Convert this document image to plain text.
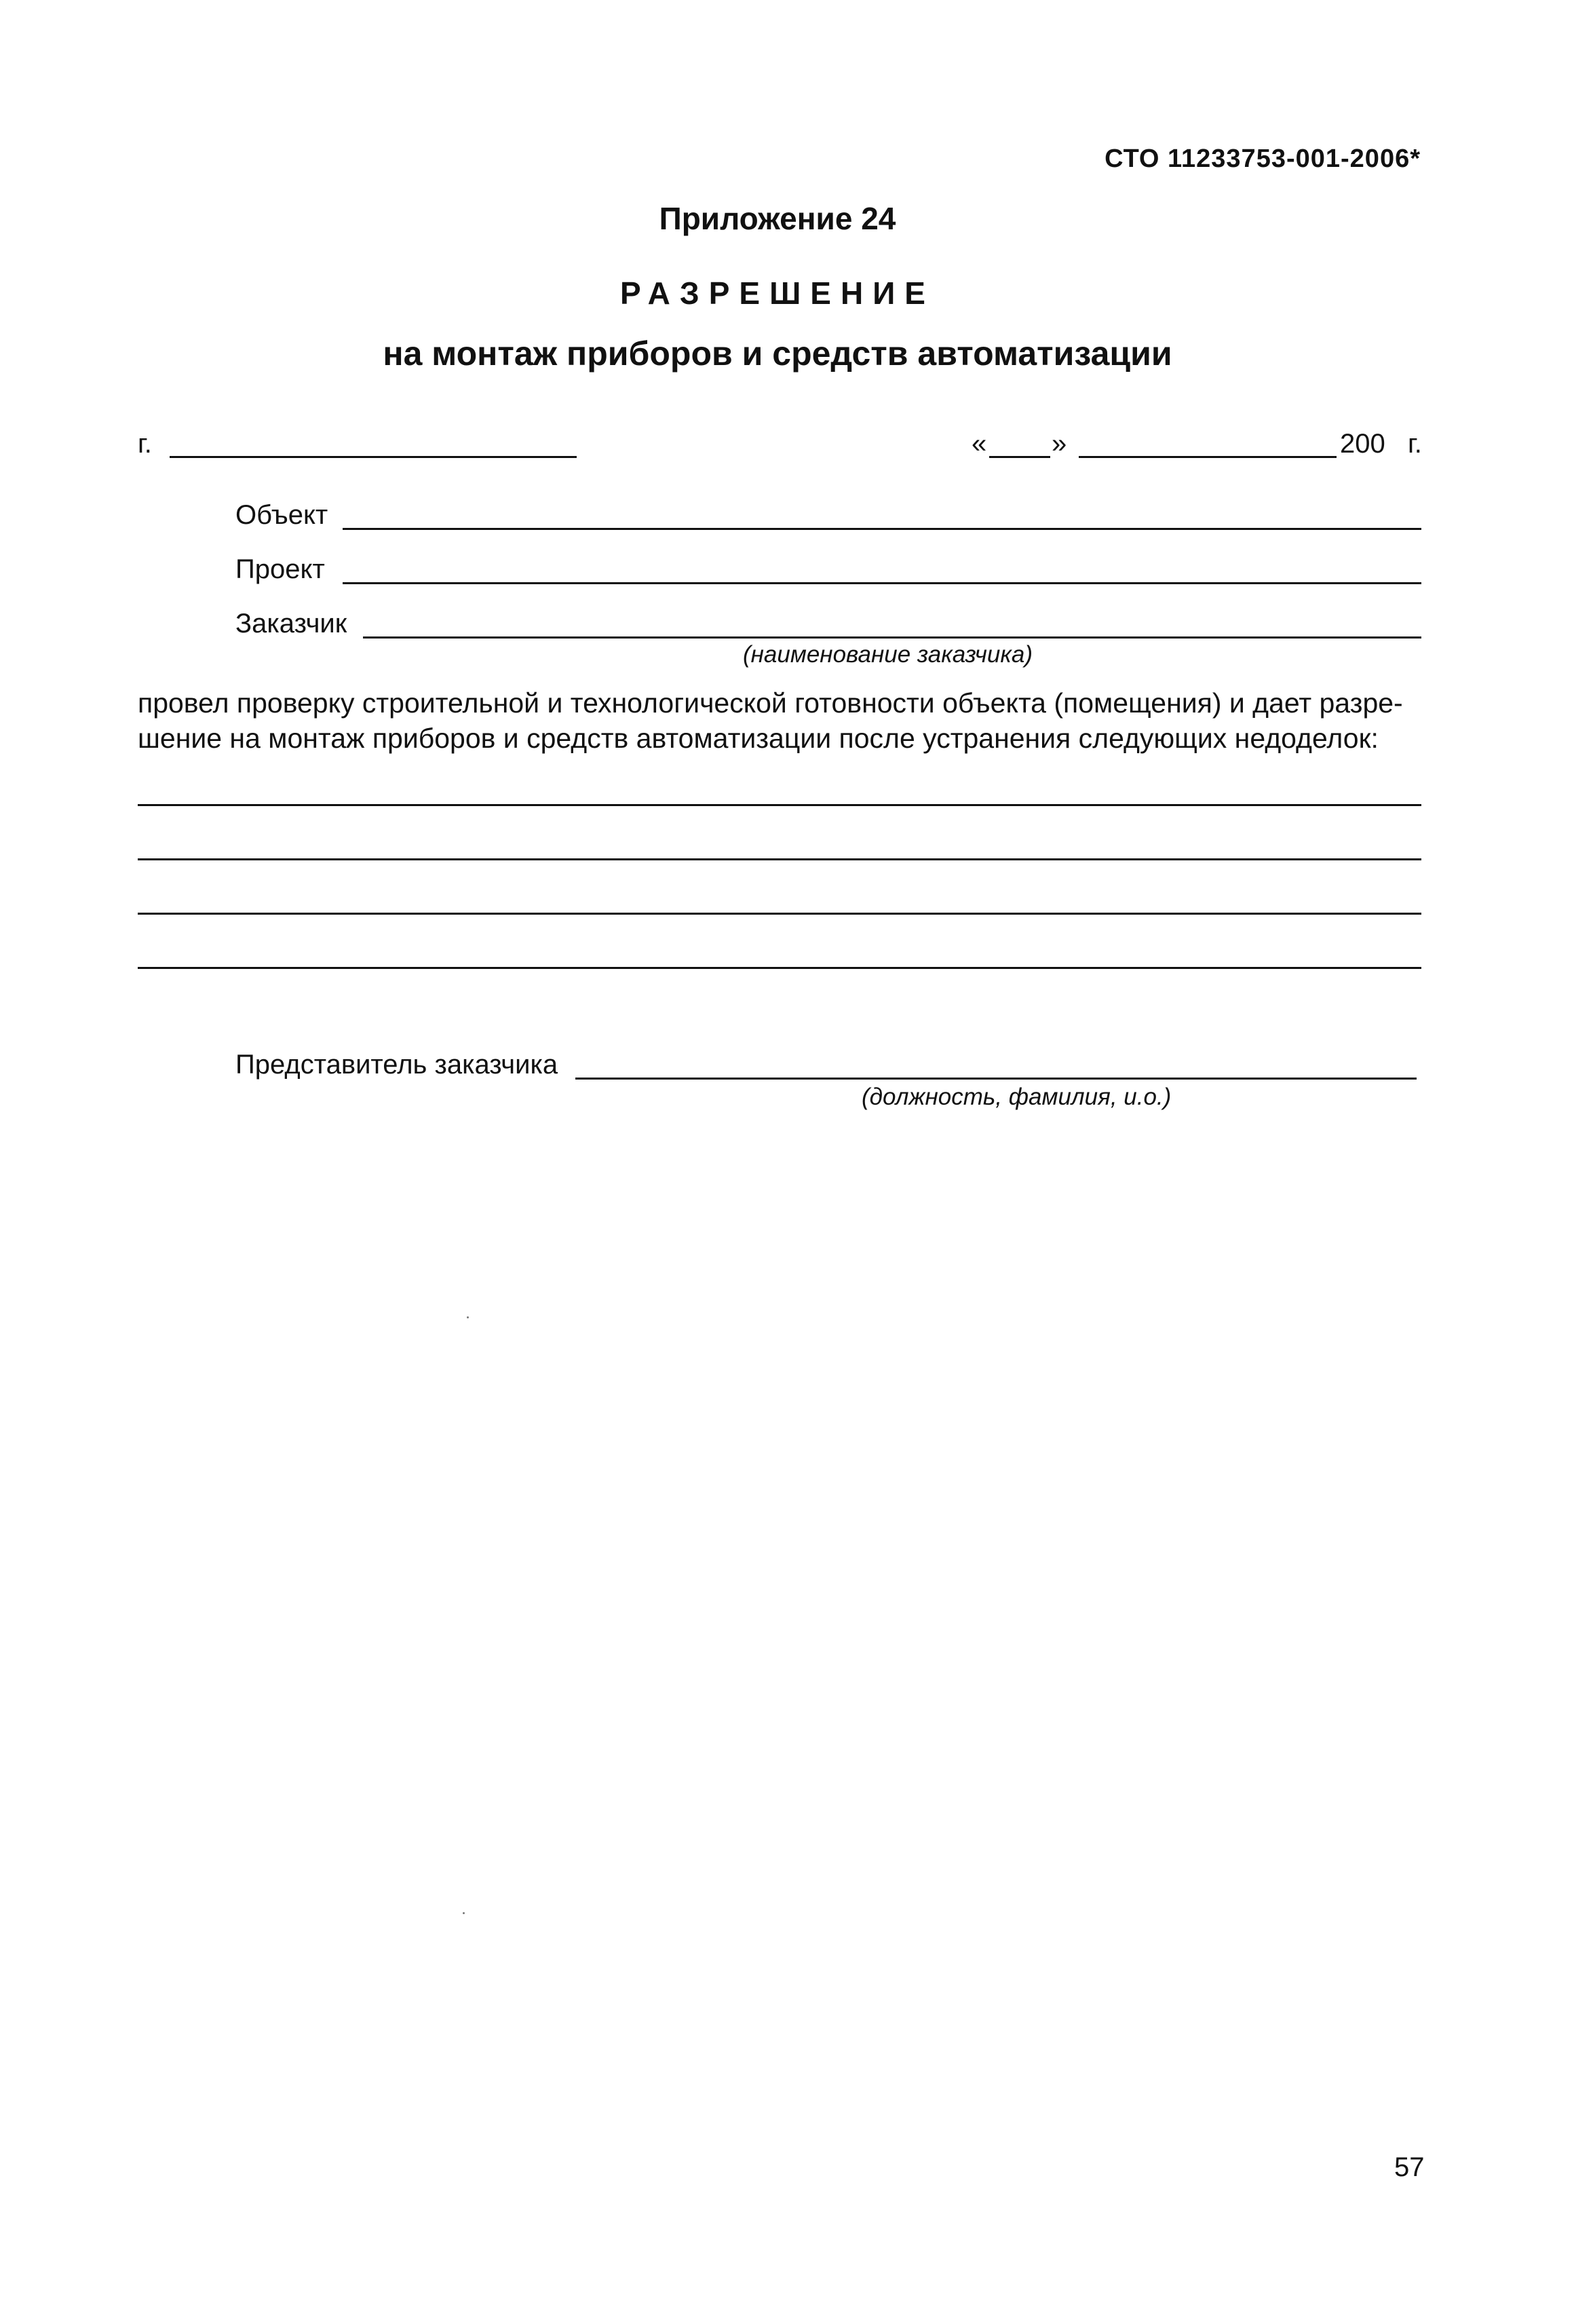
СТО 11233753-001-2006*
Приложение 24
РАЗРЕШЕНИЕ
на монтаж приборов и средств автоматизации
г.	« »	200 г.
Объект
Проект
Заказчик
(наименование заказчика)

провел проверку строительной и технологической готовности объекта (помещения) и дает разре-

шение на монтаж приборов и средств автоматизации после устранения следующих недоделок:

Представитель заказчика
(должность, фамилия, и.о.)
57
